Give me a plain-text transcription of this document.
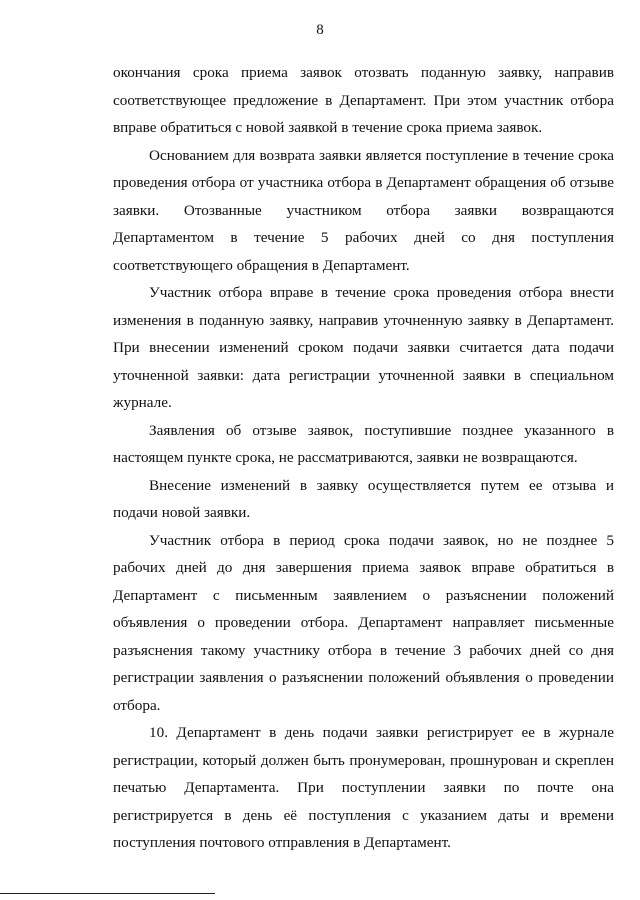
8

окончания срока приема заявок отозвать поданную заявку, направив соответствующее предложение в Департамент. При этом участник отбора вправе обратиться с новой заявкой в течение срока приема заявок.

Основанием для возврата заявки является поступление в течение срока проведения отбора от участника отбора в Департамент обращения об отзыве заявки. Отозванные участником отбора заявки возвращаются Департаментом в течение 5 рабочих дней со дня поступления соответствующего обращения в Департамент.

Участник отбора вправе в течение срока проведения отбора внести изменения в поданную заявку, направив уточненную заявку в Департамент. При внесении изменений сроком подачи заявки считается дата подачи уточненной заявки: дата регистрации уточненной заявки в специальном журнале.

Заявления об отзыве заявок, поступившие позднее указанного в настоящем пункте срока, не рассматриваются, заявки не возвращаются.

Внесение изменений в заявку осуществляется путем ее отзыва и подачи новой заявки.

Участник отбора в период срока подачи заявок, но не позднее 5 рабочих дней до дня завершения приема заявок вправе обратиться в Департамент с письменным заявлением о разъяснении положений объявления о проведении отбора. Департамент направляет письменные разъяснения такому участнику отбора в течение 3 рабочих дней со дня регистрации заявления о разъяснении положений объявления о проведении отбора.

10. Департамент в день подачи заявки регистрирует ее в журнале регистрации, который должен быть пронумерован, прошнурован и скреплен печатью Департамента. При поступлении заявки по почте она регистрируется в день её поступления с указанием даты и времени поступления почтового отправления в Департамент.
